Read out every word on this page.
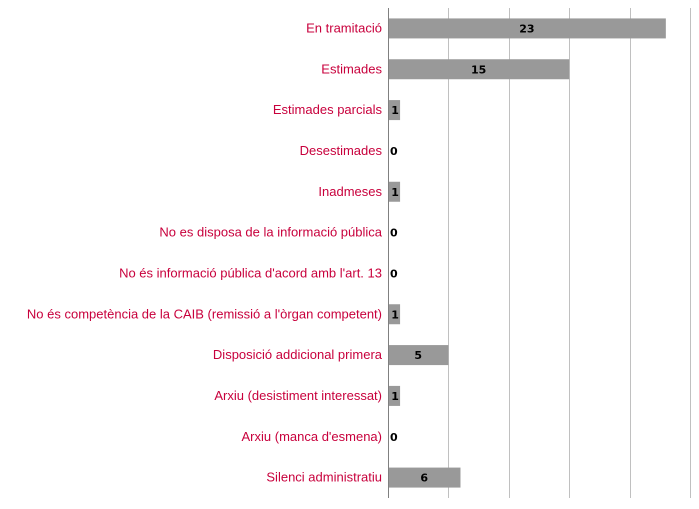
En tramitació
Estimades
Estimades parcials
Desestimades
Inadmeses
No es disposa de la informació pública
No és informació pública d'acord amb l'art. 13
No és competència de la CAIB (remissió a l'òrgan competent)
Disposició addicional primera
Arxiu (desistiment interessat)
Arxiu (manca d'esmena)
Silenci administratiu
23
15
1
0
1
0
0
1
5
1
0
6
